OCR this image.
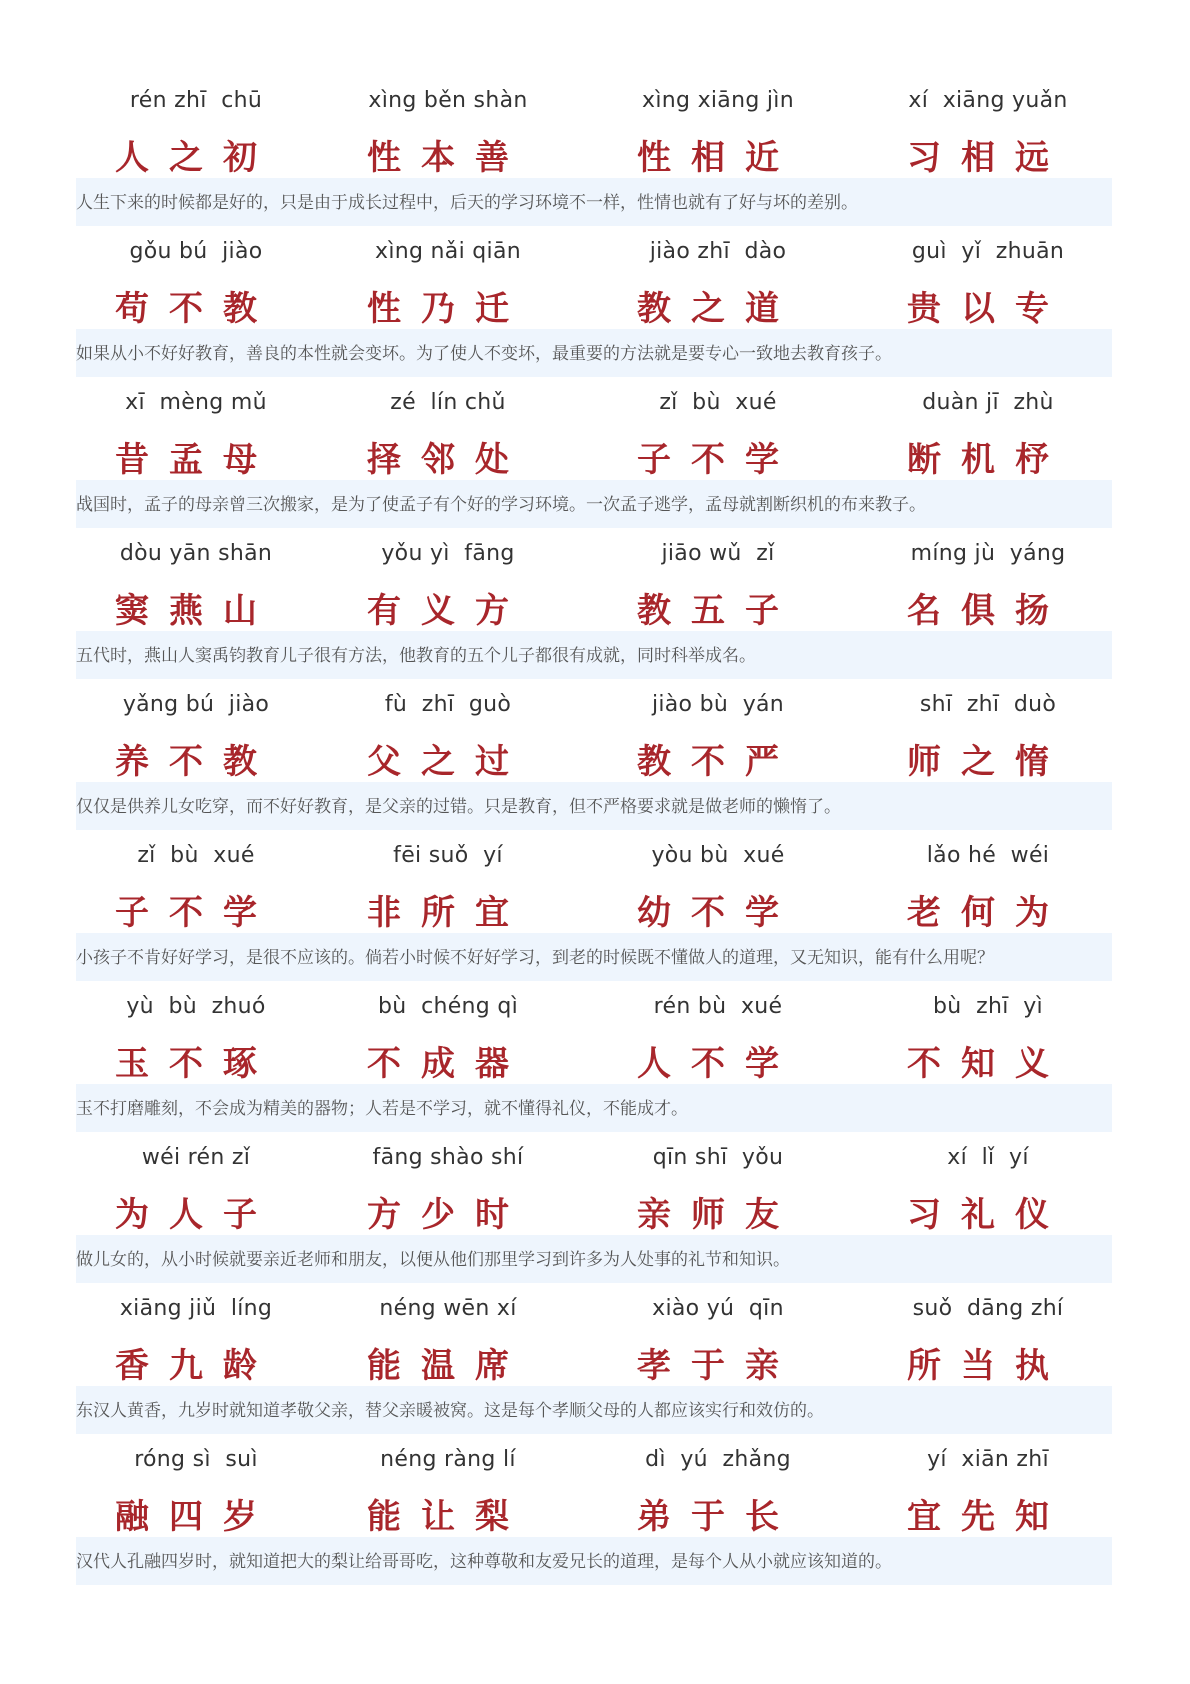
rén zhī  chū	xìng běn shàn	xìng xiāng jìn	xí  xiāng yuǎn
人之初	性本善	性相近	习相远
人生下来的时候都是好的，只是由于成长过程中，后天的学习环境不一样，性情也就有了好与坏的差别。
gǒu bú  jiào	xìng nǎi qiān	jiào zhī  dào	guì  yǐ  zhuān
苟不教	性乃迁	教之道	贵以专
如果从小不好好教育，善良的本性就会变坏。为了使人不变坏，最重要的方法就是要专心一致地去教育孩子。
xī  mèng mǔ	zé  lín chǔ	zǐ  bù  xué	duàn jī  zhù
昔孟母	择邻处	子不学	断机杼
战国时，孟子的母亲曾三次搬家，是为了使孟子有个好的学习环境。一次孟子逃学，孟母就割断织机的布来教子。
dòu yān shān	yǒu yì  fāng	jiāo wǔ  zǐ	míng jù  yáng
窦燕山	有义方	教五子	名俱扬
五代时，燕山人窦禹钧教育儿子很有方法，他教育的五个儿子都很有成就，同时科举成名。
yǎng bú  jiào	fù  zhī  guò	jiào bù  yán	shī  zhī  duò
养不教	父之过	教不严	师之惰
仅仅是供养儿女吃穿，而不好好教育，是父亲的过错。只是教育，但不严格要求就是做老师的懒惰了。
zǐ  bù  xué	fēi suǒ  yí	yòu bù  xué	lǎo hé  wéi
子不学	非所宜	幼不学	老何为
小孩子不肯好好学习，是很不应该的。倘若小时候不好好学习，到老的时候既不懂做人的道理，又无知识，能有什么用呢？
yù  bù  zhuó	bù  chéng qì	rén bù  xué	bù  zhī  yì
玉不琢	不成器	人不学	不知义
玉不打磨雕刻，不会成为精美的器物；人若是不学习，就不懂得礼仪，不能成才。
wéi rén zǐ	fāng shào shí	qīn shī  yǒu	xí  lǐ  yí
为人子	方少时	亲师友	习礼仪
做儿女的，从小时候就要亲近老师和朋友，以便从他们那里学习到许多为人处事的礼节和知识。
xiāng jiǔ  líng	néng wēn xí	xiào yú  qīn	suǒ  dāng zhí
香九龄	能温席	孝于亲	所当执
东汉人黄香，九岁时就知道孝敬父亲，替父亲暖被窝。这是每个孝顺父母的人都应该实行和效仿的。
róng sì  suì	néng ràng lí	dì  yú  zhǎng	yí  xiān zhī
融四岁	能让梨	弟于长	宜先知
汉代人孔融四岁时，就知道把大的梨让给哥哥吃，这种尊敬和友爱兄长的道理，是每个人从小就应该知道的。
